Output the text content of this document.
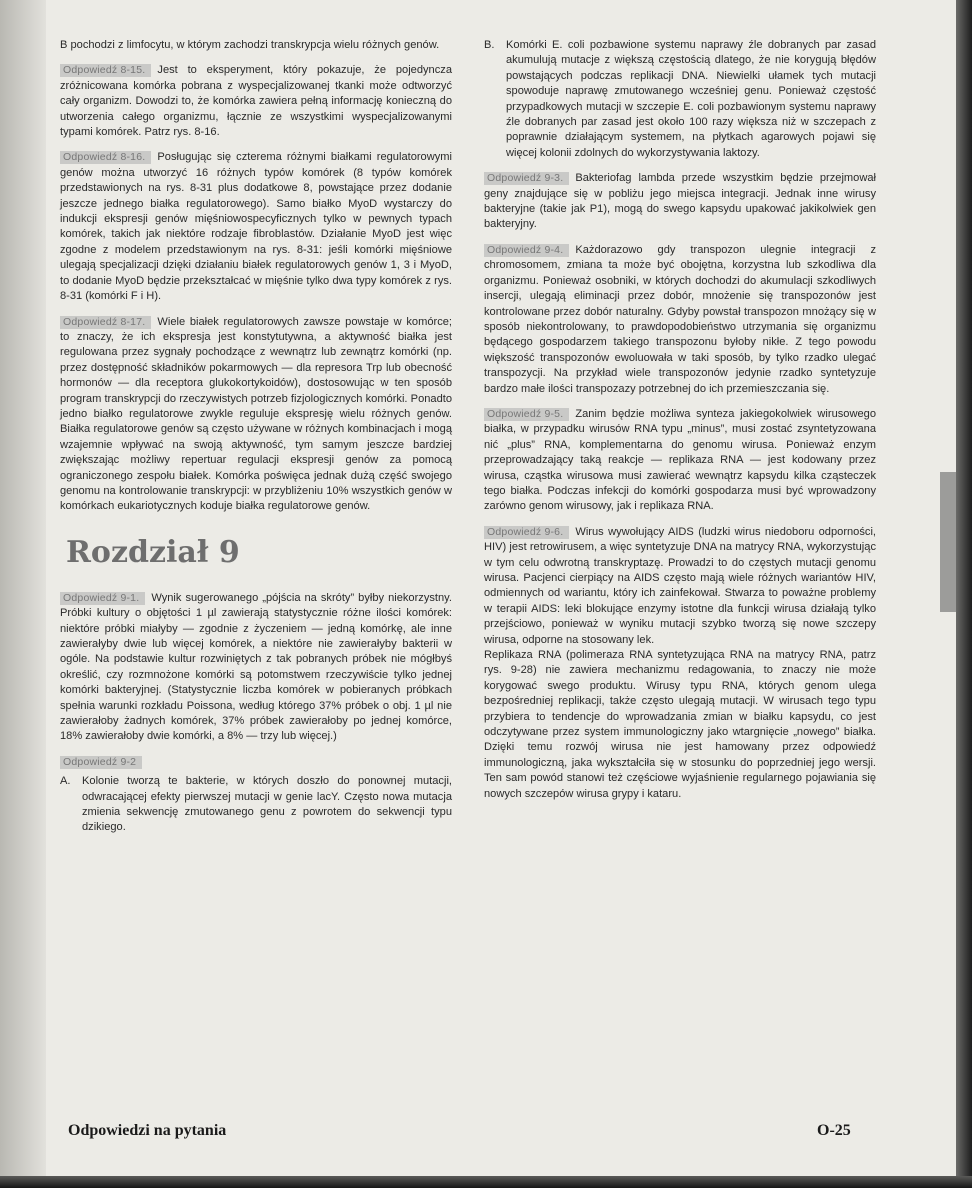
B pochodzi z limfocytu, w którym zachodzi transkrypcja wielu różnych genów.

Odpowiedź 8-15. Jest to eksperyment, który pokazuje, że pojedyncza zróżnicowana komórka pobrana z wyspecjalizowanej tkanki może odtworzyć cały organizm. Dowodzi to, że komórka zawiera pełną informację konieczną do utworzenia całego organizmu, łącznie ze wszystkimi wyspecjalizowanymi typami komórek. Patrz rys. 8-16.

Odpowiedź 8-16. Posługując się czterema różnymi białkami regulatorowymi genów można utworzyć 16 różnych typów komórek (8 typów komórek przedstawionych na rys. 8-31 plus dodatkowe 8, powstające przez dodanie jeszcze jednego białka regulatorowego). Samo białko MyoD wystarczy do indukcji ekspresji genów mięśniowospecyficznych tylko w pewnych typach komórek, takich jak niektóre rodzaje fibroblastów. Działanie MyoD jest więc zgodne z modelem przedstawionym na rys. 8-31: jeśli komórki mięśniowe ulegają specjalizacji dzięki działaniu białek regulatorowych genów 1, 3 i MyoD, to dodanie MyoD będzie przekształcać w mięśnie tylko dwa typy komórek z rys. 8-31 (komórki F i H).

Odpowiedź 8-17. Wiele białek regulatorowych zawsze powstaje w komórce; to znaczy, że ich ekspresja jest konstytutywna, a aktywność białka jest regulowana przez sygnały pochodzące z wewnątrz lub zewnątrz komórki (np. przez dostępność składników pokarmowych — dla represora Trp lub obecność hormonów — dla receptora glukokortykoidów), dostosowując w ten sposób program transkrypcji do rzeczywistych potrzeb fizjologicznych komórki. Ponadto jedno białko regulatorowe zwykle reguluje ekspresję wielu różnych genów. Białka regulatorowe genów są często używane w różnych kombinacjach i mogą wzajemnie wpływać na swoją aktywność, tym samym jeszcze bardziej zwiększając możliwy repertuar regulacji ekspresji genów za pomocą ograniczonego zespołu białek. Komórka poświęca jednak dużą część swojego genomu na kontrolowanie transkrypcji: w przybliżeniu 10% wszystkich genów w komórkach eukariotycznych koduje białka regulatorowe genów.

Rozdział 9

Odpowiedź 9-1. Wynik sugerowanego „pójścia na skróty” byłby niekorzystny. Próbki kultury o objętości 1 µl zawierają statystycznie różne ilości komórek: niektóre próbki miałyby — zgodnie z życzeniem — jedną komórkę, ale inne zawierałyby dwie lub więcej komórek, a niektóre nie zawierałyby bakterii w ogóle. Na podstawie kultur rozwiniętych z tak pobranych próbek nie mógłbyś określić, czy rozmnożone komórki są potomstwem rzeczywiście tylko jednej komórki bakteryjnej. (Statystycznie liczba komórek w pobieranych próbkach spełnia warunki rozkładu Poissona, według którego 37% próbek o obj. 1 µl nie zawierałoby żadnych komórek, 37% próbek zawierałoby po jednej komórce, 18% zawierałoby dwie komórki, a 8% — trzy lub więcej.)

Odpowiedź 9-2
A.	Kolonie tworzą te bakterie, w których doszło do ponownej mutacji, odwracającej efekty pierwszej mutacji w genie lacY. Często nowa mutacja zmienia sekwencję zmutowanego genu z powrotem do sekwencji typu dzikiego.
B.	Komórki E. coli pozbawione systemu naprawy źle dobranych par zasad akumulują mutacje z większą częstością dlatego, że nie korygują błędów powstających podczas replikacji DNA. Niewielki ułamek tych mutacji spowoduje naprawę zmutowanego wcześniej genu. Ponieważ częstość przypadkowych mutacji w szczepie E. coli pozbawionym systemu naprawy źle dobranych par zasad jest około 100 razy większa niż w szczepach z poprawnie działającym systemem, na płytkach agarowych pojawi się więcej kolonii zdolnych do wykorzystywania laktozy.

Odpowiedź 9-3. Bakteriofag lambda przede wszystkim będzie przejmował geny znajdujące się w pobliżu jego miejsca integracji. Jednak inne wirusy bakteryjne (takie jak P1), mogą do swego kapsydu upakować jakikolwiek gen bakteryjny.

Odpowiedź 9-4. Każdorazowo gdy transpozon ulegnie integracji z chromosomem, zmiana ta może być obojętna, korzystna lub szkodliwa dla organizmu. Ponieważ osobniki, w których dochodzi do akumulacji szkodliwych insercji, ulegają eliminacji przez dobór, mnożenie się transpozonów jest kontrolowane przez dobór naturalny. Gdyby powstał transpozon mnożący się w sposób niekontrolowany, to prawdopodobieństwo utrzymania się organizmu będącego gospodarzem takiego transpozonu byłoby nikłe. Z tego powodu większość transpozonów ewoluowała w taki sposób, by tylko rzadko ulegać transpozycji. Na przykład wiele transpozonów jedynie rzadko syntetyzuje bardzo małe ilości transpozazy potrzebnej do ich przemieszczania się.

Odpowiedź 9-5. Zanim będzie możliwa synteza jakiegokolwiek wirusowego białka, w przypadku wirusów RNA typu „minus”, musi zostać zsyntetyzowana nić „plus” RNA, komplementarna do genomu wirusa. Ponieważ enzym przeprowadzający taką reakcje — replikaza RNA — jest kodowany przez wirusa, cząstka wirusowa musi zawierać wewnątrz kapsydu kilka cząsteczek tego białka. Podczas infekcji do komórki gospodarza musi być wprowadzony zarówno genom wirusowy, jak i replikaza RNA.

Odpowiedź 9-6. Wirus wywołujący AIDS (ludzki wirus niedoboru odporności, HIV) jest retrowirusem, a więc syntetyzuje DNA na matrycy RNA, wykorzystując w tym celu odwrotną transkryptazę. Prowadzi to do częstych mutacji genomu wirusa. Pacjenci cierpiący na AIDS często mają wiele różnych wariantów HIV, odmiennych od wariantu, który ich zainfekował. Stwarza to poważne problemy w terapii AIDS: leki blokujące enzymy istotne dla funkcji wirusa działają tylko przejściowo, ponieważ w wyniku mutacji szybko tworzą się nowe szczepy wirusa, odporne na stosowany lek.

Replikaza RNA (polimeraza RNA syntetyzująca RNA na matrycy RNA, patrz rys. 9-28) nie zawiera mechanizmu redagowania, to znaczy nie może korygować swego produktu. Wirusy typu RNA, których genom ulega bezpośredniej replikacji, także często ulegają mutacji. W wirusach tego typu przybiera to tendencje do wprowadzania zmian w białku kapsydu, co jest odczytywane przez system immunologiczny jako wtargnięcie „nowego” białka. Dzięki temu rozwój wirusa nie jest hamowany przez odpowiedź immunologiczną, jaka wykształciła się w stosunku do poprzedniej jego wersji. Ten sam powód stanowi też częściowe wyjaśnienie regularnego pojawiania się nowych szczepów wirusa grypy i kataru.

Odpowiedzi na pytania	O-25
